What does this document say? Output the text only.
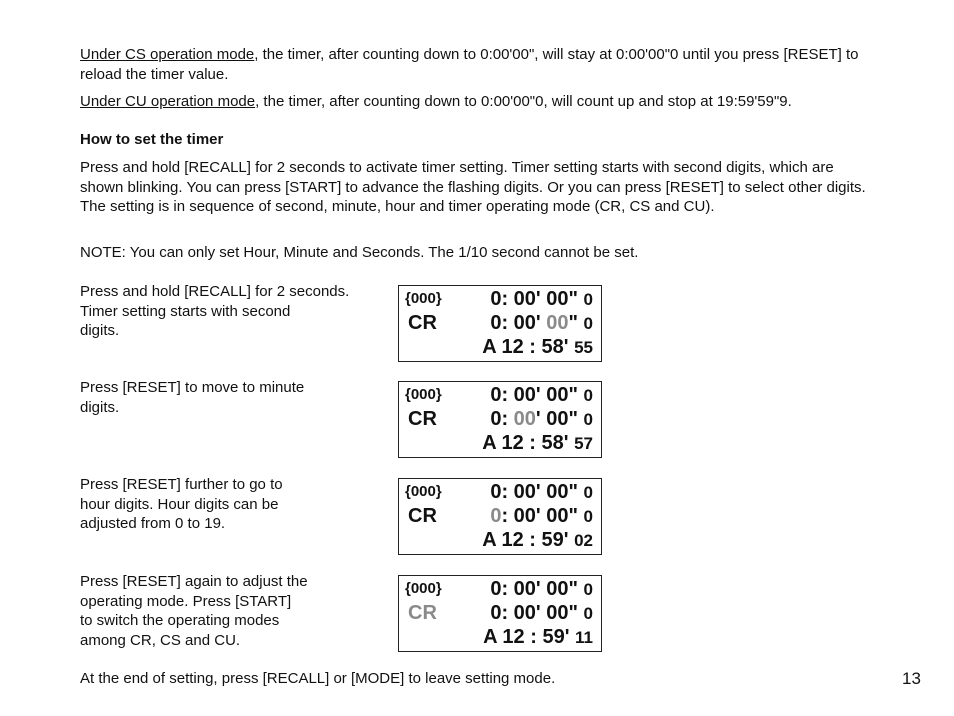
Under CS operation mode, the timer, after counting down to 0:00'00", will stay at 0:00'00"0 until you press [RESET] to reload the timer value.

Under CU operation mode, the timer, after counting down to 0:00'00"0, will count up and stop at 19:59'59"9.

How to set the timer

Press and hold [RECALL] for 2 seconds to activate timer setting. Timer setting starts with second digits, which are shown blinking. You can press [START] to advance the flashing digits. Or you can press [RESET] to select other digits. The setting is in sequence of second, minute, hour and timer operating mode (CR, CS and CU).

NOTE: You can only set Hour, Minute and Seconds. The 1/10 second cannot be set.

Press and hold [RECALL] for 2 seconds.
Timer setting starts with second
digits.

{000} 0: 00' 00" 0
CR	0: 00' 00" 0
A 12 : 58' 55

Press [RESET] to move to minute
digits.

{000} 0: 00' 00" 0
CR	0: 00' 00" 0
A 12 : 58' 57

Press [RESET] further to go to
hour digits. Hour digits can be
adjusted from 0 to 19.

{000} 0: 00' 00" 0
CR	0: 00' 00" 0
A 12 : 59' 02

Press [RESET] again to adjust the
operating mode. Press [START]
to switch the operating modes
among CR, CS and CU.

{000} 0: 00' 00" 0
CR	0: 00' 00" 0
A 12 : 59' 11

At the end of setting, press [RECALL] or [MODE] to leave setting mode.	13
